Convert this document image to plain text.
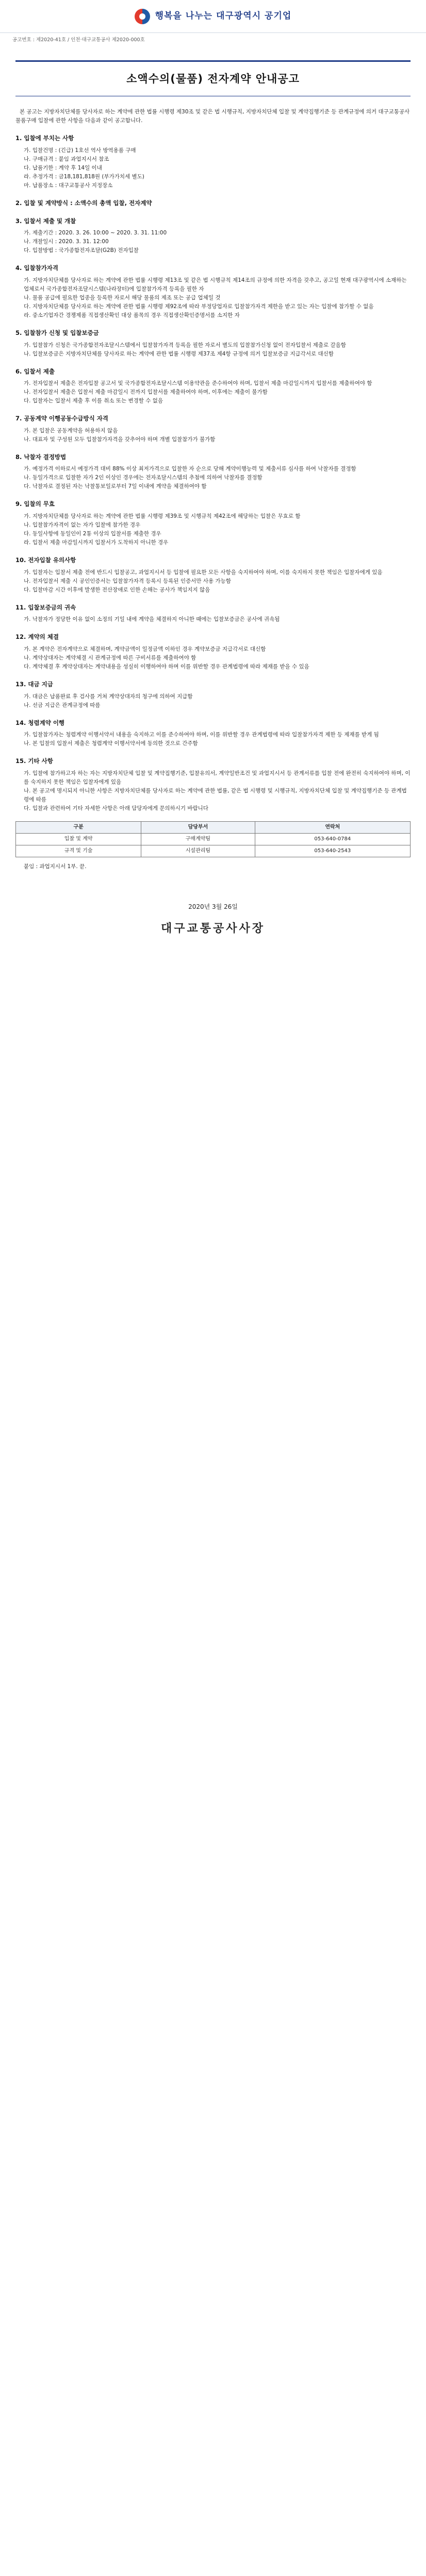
행복을 나누는 대구광역시 공기업
공고번호 : 제2020-41호 / 인천·대구교통공사 제2020-000호
소액수의(물품) 전자계약 안내공고

본 공고는 지방자치단체를 당사자로 하는 계약에 관한 법률 시행령 제30조 및 같은 법 시행규칙, 지방자치단체 입찰 및 계약집행기준 등 관계규정에 의거 대구교통공사 물품구매 입찰에 관한 사항을 다음과 같이 공고합니다.

1. 입찰에 부치는 사항

가. 입찰건명 : (긴급) 1호선 역사 방역용품 구매

나. 구매규격 : 붙임 과업지시서 참조

다. 납품기한 : 계약 후 14일 이내

라. 추정가격 : 금18,181,818원 (부가가치세 별도)

마. 납품장소 : 대구교통공사 지정장소

2. 입찰 및 계약방식 : 소액수의 총액 입찰, 전자계약
3. 입찰서 제출 및 개찰

가. 제출기간 : 2020. 3. 26. 10:00 ~ 2020. 3. 31. 11:00

나. 개찰일시 : 2020. 3. 31. 12:00

다. 입찰방법 : 국가종합전자조달(G2B) 전자입찰

4. 입찰참가자격

가. 지방자치단체를 당사자로 하는 계약에 관한 법률 시행령 제13조 및 같은 법 시행규칙 제14조의 규정에 의한 자격을 갖추고, 공고일 현재 대구광역시에 소재하는 업체로서 국가종합전자조달시스템(나라장터)에 입찰참가자격 등록을 필한 자

나. 물품 공급에 필요한 업종을 등록한 자로서 해당 물품의 제조 또는 공급 업체일 것

다. 지방자치단체를 당사자로 하는 계약에 관한 법률 시행령 제92조에 따라 부정당업자로 입찰참가자격 제한을 받고 있는 자는 입찰에 참가할 수 없음

라. 중소기업자간 경쟁제품 직접생산확인 대상 품목의 경우 직접생산확인증명서를 소지한 자

5. 입찰참가 신청 및 입찰보증금

가. 입찰참가 신청은 국가종합전자조달시스템에서 입찰참가자격 등록을 필한 자로서 별도의 입찰참가신청 없이 전자입찰서 제출로 갈음함

나. 입찰보증금은 지방자치단체를 당사자로 하는 계약에 관한 법률 시행령 제37조 제4항 규정에 의거 입찰보증금 지급각서로 대신함

6. 입찰서 제출

가. 전자입찰서 제출은 전자입찰 공고서 및 국가종합전자조달시스템 이용약관을 준수하여야 하며, 입찰서 제출 마감일시까지 입찰서를 제출하여야 함

나. 전자입찰서 제출은 입찰서 제출 마감일시 전까지 입찰서를 제출하여야 하며, 이후에는 제출이 불가함

다. 입찰자는 입찰서 제출 후 이를 취소 또는 변경할 수 없음

7. 공동계약 이행공동수급방식 자격

가. 본 입찰은 공동계약을 허용하지 않음

나. 대표자 및 구성원 모두 입찰참가자격을 갖추어야 하며 개별 입찰참가가 불가함

8. 낙찰자 결정방법

가. 예정가격 이하로서 예정가격 대비 88% 이상 최저가격으로 입찰한 자 순으로 당해 계약이행능력 및 제출서류 심사를 하여 낙찰자를 결정함

나. 동일가격으로 입찰한 자가 2인 이상인 경우에는 전자조달시스템의 추첨에 의하여 낙찰자를 결정함

다. 낙찰자로 결정된 자는 낙찰통보일로부터 7일 이내에 계약을 체결하여야 함

9. 입찰의 무효

가. 지방자치단체를 당사자로 하는 계약에 관한 법률 시행령 제39조 및 시행규칙 제42조에 해당하는 입찰은 무효로 함

나. 입찰참가자격이 없는 자가 입찰에 참가한 경우

다. 동일사항에 동일인이 2통 이상의 입찰서를 제출한 경우

라. 입찰서 제출 마감일시까지 입찰서가 도착하지 아니한 경우

10. 전자입찰 유의사항

가. 입찰자는 입찰서 제출 전에 반드시 입찰공고, 과업지시서 등 입찰에 필요한 모든 사항을 숙지하여야 하며, 이를 숙지하지 못한 책임은 입찰자에게 있음

나. 전자입찰서 제출 시 공인인증서는 입찰참가자격 등록시 등록된 인증서만 사용 가능함

다. 입찰마감 시간 이후에 발생한 전산장애로 인한 손해는 공사가 책임지지 않음

11. 입찰보증금의 귀속

가. 낙찰자가 정당한 이유 없이 소정의 기일 내에 계약을 체결하지 아니한 때에는 입찰보증금은 공사에 귀속됨

12. 계약의 체결

가. 본 계약은 전자계약으로 체결하며, 계약금액이 일정금액 이하인 경우 계약보증금 지급각서로 대신함

나. 계약상대자는 계약체결 시 관계규정에 따른 구비서류를 제출하여야 함

다. 계약체결 후 계약상대자는 계약내용을 성실히 이행하여야 하며 이를 위반할 경우 관계법령에 따라 제재를 받을 수 있음

13. 대금 지급

가. 대금은 납품완료 후 검사를 거쳐 계약상대자의 청구에 의하여 지급함

나. 선금 지급은 관계규정에 따름

14. 청렴계약 이행

가. 입찰참가자는 청렴계약 이행서약서 내용을 숙지하고 이를 준수하여야 하며, 이를 위반할 경우 관계법령에 따라 입찰참가자격 제한 등 제재를 받게 됨

나. 본 입찰의 입찰서 제출은 청렴계약 이행서약서에 동의한 것으로 간주함

15. 기타 사항

가. 입찰에 참가하고자 하는 자는 지방자치단체 입찰 및 계약집행기준, 입찰유의서, 계약일반조건 및 과업지시서 등 관계서류를 입찰 전에 완전히 숙지하여야 하며, 이를 숙지하지 못한 책임은 입찰자에게 있음

나. 본 공고에 명시되지 아니한 사항은 지방자치단체를 당사자로 하는 계약에 관한 법률, 같은 법 시행령 및 시행규칙, 지방자치단체 입찰 및 계약집행기준 등 관계법령에 따름

다. 입찰과 관련하여 기타 자세한 사항은 아래 담당자에게 문의하시기 바랍니다

구분	담당부서	연락처
입찰 및 계약	구매계약팀	053-640-0784
규격 및 기술	시설관리팀	053-640-2543

붙임 : 과업지시서 1부. 끝.

2020년 3월 26일
대구교통공사사장
